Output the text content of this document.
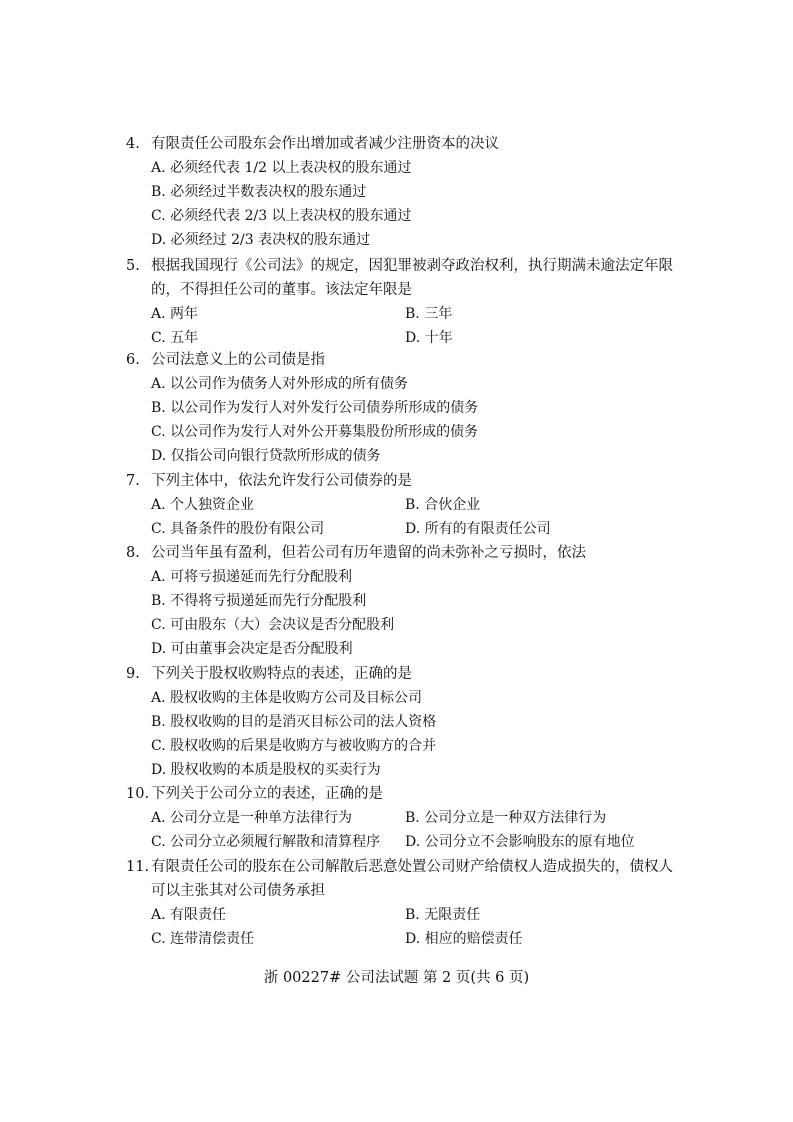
4. 有限责任公司股东会作出增加或者减少注册资本的决议
A. 必须经代表 1/2 以上表决权的股东通过
B. 必须经过半数表决权的股东通过
C. 必须经代表 2/3 以上表决权的股东通过
D. 必须经过 2/3 表决权的股东通过
5. 根据我国现行《公司法》的规定，因犯罪被剥夺政治权利，执行期满未逾法定年限的，不得担任公司的董事。该法定年限是
A. 两年	B. 三年
C. 五年	D. 十年
6. 公司法意义上的公司债是指
A. 以公司作为债务人对外形成的所有债务
B. 以公司作为发行人对外发行公司债券所形成的债务
C. 以公司作为发行人对外公开募集股份所形成的债务
D. 仅指公司向银行贷款所形成的债务
7. 下列主体中，依法允许发行公司债券的是
A. 个人独资企业	B. 合伙企业
C. 具备条件的股份有限公司	D. 所有的有限责任公司
8. 公司当年虽有盈利，但若公司有历年遗留的尚未弥补之亏损时，依法
A. 可将亏损递延而先行分配股利
B. 不得将亏损递延而先行分配股利
C. 可由股东（大）会决议是否分配股利
D. 可由董事会决定是否分配股利
9. 下列关于股权收购特点的表述，正确的是
A. 股权收购的主体是收购方公司及目标公司
B. 股权收购的目的是消灭目标公司的法人资格
C. 股权收购的后果是收购方与被收购方的合并
D. 股权收购的本质是股权的买卖行为
10. 下列关于公司分立的表述，正确的是
A. 公司分立是一种单方法律行为	B. 公司分立是一种双方法律行为
C. 公司分立必须履行解散和清算程序	D. 公司分立不会影响股东的原有地位
11. 有限责任公司的股东在公司解散后恶意处置公司财产给债权人造成损失的，债权人可以主张其对公司债务承担
A. 有限责任	B. 无限责任
C. 连带清偿责任	D. 相应的赔偿责任
浙 00227# 公司法试题 第 2 页(共 6 页)
